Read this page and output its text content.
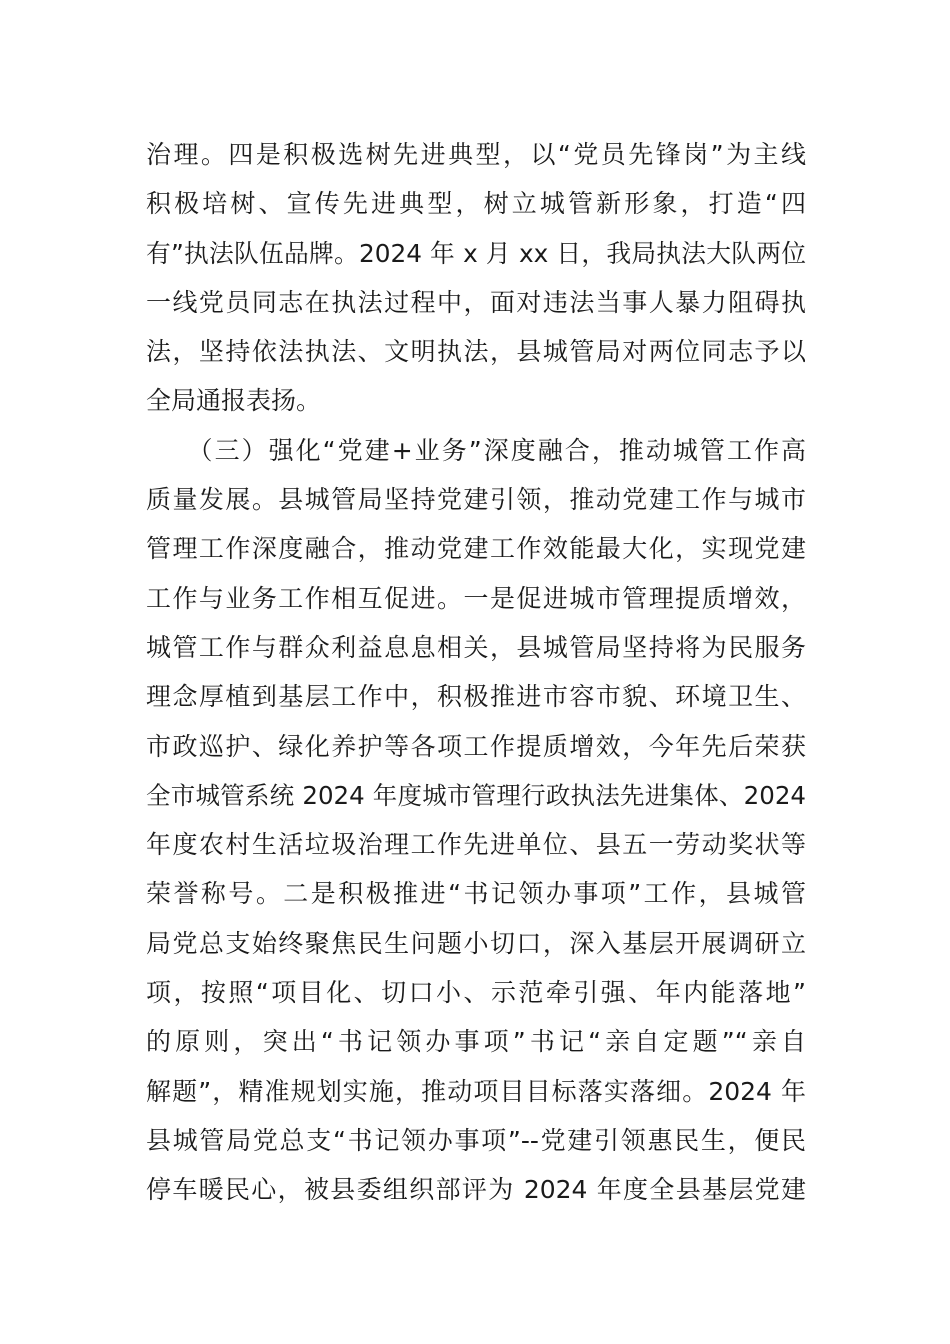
治理。四是积极选树先进典型，以“党员先锋岗”为主线
积极培树、宣传先进典型，树立城管新形象，打造“四
有”执法队伍品牌。2024 年 x 月 xx 日，我局执法大队两位
一线党员同志在执法过程中，面对违法当事人暴力阻碍执
法，坚持依法执法、文明执法，县城管局对两位同志予以
全局通报表扬。
　　（三）强化“党建+业务”深度融合，推动城管工作高
质量发展。县城管局坚持党建引领，推动党建工作与城市
管理工作深度融合，推动党建工作效能最大化，实现党建
工作与业务工作相互促进。一是促进城市管理提质增效，
城管工作与群众利益息息相关，县城管局坚持将为民服务
理念厚植到基层工作中，积极推进市容市貌、环境卫生、
市政巡护、绿化养护等各项工作提质增效，今年先后荣获
全市城管系统 2024 年度城市管理行政执法先进集体、2024
年度农村生活垃圾治理工作先进单位、县五一劳动奖状等
荣誉称号。二是积极推进“书记领办事项”工作，县城管
局党总支始终聚焦民生问题小切口，深入基层开展调研立
项，按照“项目化、切口小、示范牵引强、年内能落地”
的原则，突出“书记领办事项”书记“亲自定题”“亲自
解题”，精准规划实施，推动项目目标落实落细。2024 年
县城管局党总支“书记领办事项”--党建引领惠民生，便民
停车暖民心，被县委组织部评为 2024 年度全县基层党建
